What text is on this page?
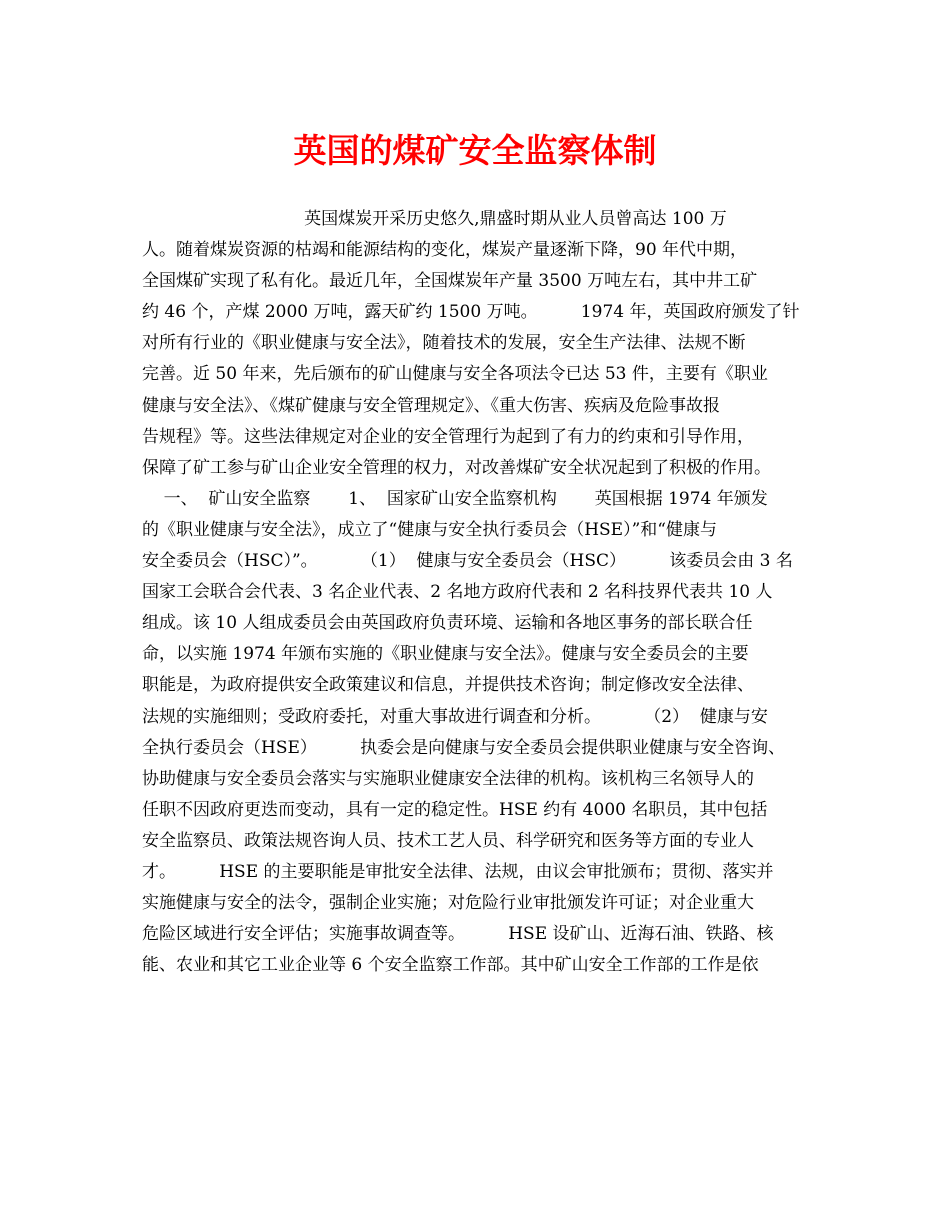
英国的煤矿安全监察体制
英国煤炭开采历史悠久,鼎盛时期从业人员曾高达 100 万
人。随着煤炭资源的枯竭和能源结构的变化，煤炭产量逐渐下降，90 年代中期，
全国煤矿实现了私有化。最近几年，全国煤炭年产量 3500 万吨左右，其中井工矿
约 46 个，产煤 2000 万吨，露天矿约 1500 万吨。        1974 年，英国政府颁发了针
对所有行业的《职业健康与安全法》，随着技术的发展，安全生产法律、法规不断
完善。近 50 年来，先后颁布的矿山健康与安全各项法令已达 53 件，主要有《职业
健康与安全法》、《煤矿健康与安全管理规定》、《重大伤害、疾病及危险事故报
告规程》等。这些法律规定对企业的安全管理行为起到了有力的约束和引导作用，
保障了矿工参与矿山企业安全管理的权力，对改善煤矿安全状况起到了积极的作用。
一、  矿山安全监察       1、  国家矿山安全监察机构       英国根据 1974 年颁发
的《职业健康与安全法》，成立了“健康与安全执行委员会（HSE）”和“健康与
安全委员会（HSC）”。        （1）  健康与安全委员会（HSC）        该委员会由 3 名
国家工会联合会代表、3 名企业代表、2 名地方政府代表和 2 名科技界代表共 10 人
组成。该 10 人组成委员会由英国政府负责环境、运输和各地区事务的部长联合任
命，以实施 1974 年颁布实施的《职业健康与安全法》。健康与安全委员会的主要
职能是，为政府提供安全政策建议和信息，并提供技术咨询；制定修改安全法律、
法规的实施细则；受政府委托，对重大事故进行调查和分析。        （2）  健康与安
全执行委员会（HSE）        执委会是向健康与安全委员会提供职业健康与安全咨询、
协助健康与安全委员会落实与实施职业健康安全法律的机构。该机构三名领导人的
任职不因政府更迭而变动，具有一定的稳定性。HSE 约有 4000 名职员，其中包括
安全监察员、政策法规咨询人员、技术工艺人员、科学研究和医务等方面的专业人
才。        HSE 的主要职能是审批安全法律、法规，由议会审批颁布；贯彻、落实并
实施健康与安全的法令，强制企业实施；对危险行业审批颁发许可证；对企业重大
危险区域进行安全评估；实施事故调查等。        HSE 设矿山、近海石油、铁路、核
能、农业和其它工业企业等 6 个安全监察工作部。其中矿山安全工作部的工作是依
